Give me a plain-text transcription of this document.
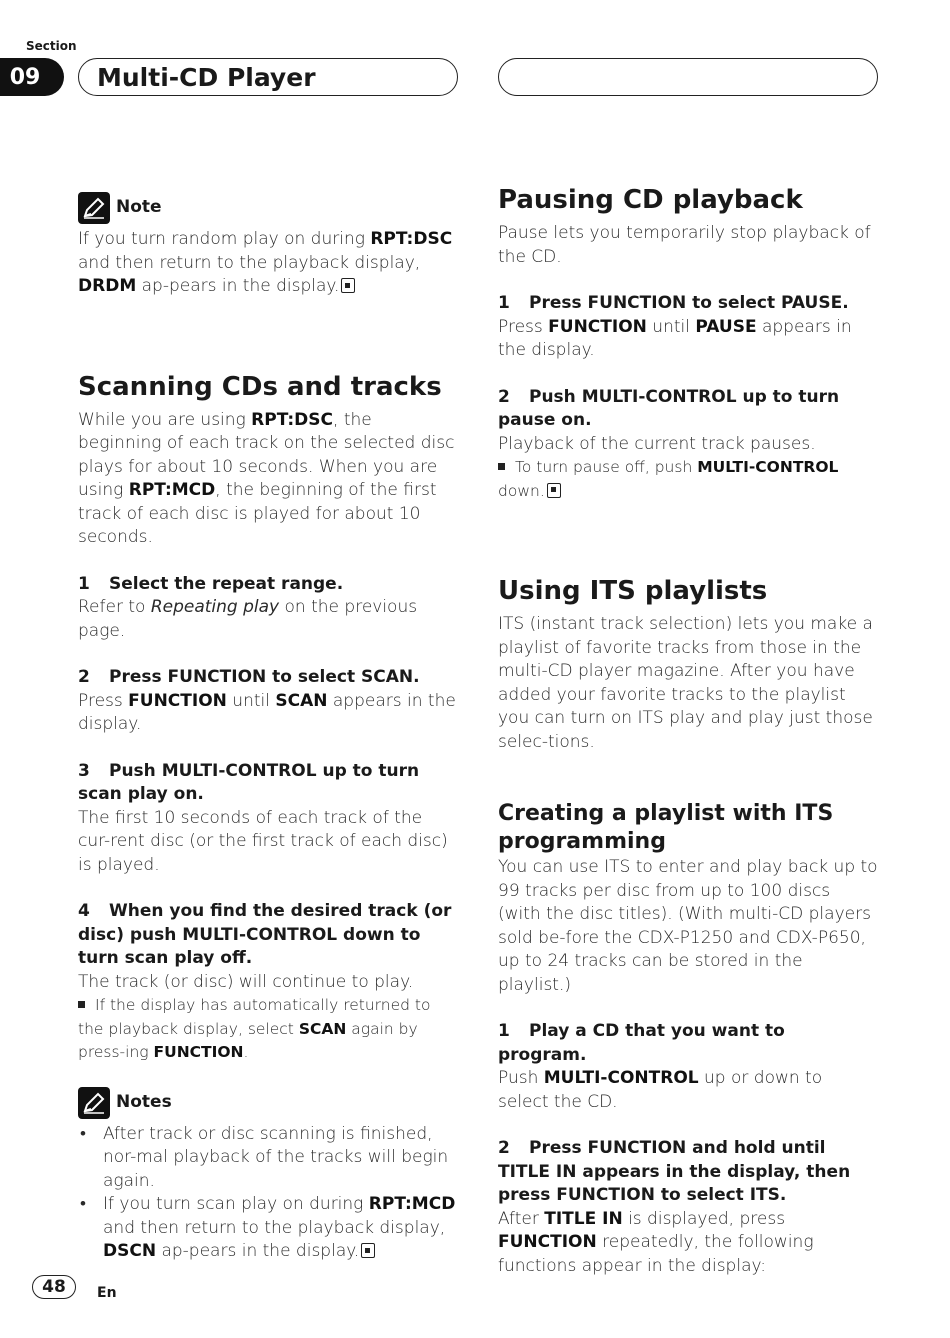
Section
09	Multi-CD Player
Note

If you turn random play on during RPT:DSC and then return to the playback display, DRDM ap-pears in the display.

Scanning CDs and tracks

While you are using RPT:DSC, the beginning of each track on the selected disc plays for about 10 seconds. When you are using RPT:MCD, the beginning of the first track of each disc is played for about 10 seconds.

1 Select the repeat range.

Refer to Repeating play on the previous page.

2 Press FUNCTION to select SCAN.

Press FUNCTION until SCAN appears in the display.

3 Push MULTI-CONTROL up to turn scan play on.

The first 10 seconds of each track of the cur-rent disc (or the first track of each disc) is played.

4 When you find the desired track (or disc) push MULTI-CONTROL down to turn scan play off.

The track (or disc) will continue to play.

If the display has automatically returned to the playback display, select SCAN again by press-ing FUNCTION.

Notes
• After track or disc scanning is finished, nor-mal playback of the tracks will begin again.
• If you turn scan play on during RPT:MCD and then return to the playback display, DSCN ap-pears in the display.
Pausing CD playback

Pause lets you temporarily stop playback of the CD.

1 Press FUNCTION to select PAUSE.

Press FUNCTION until PAUSE appears in the display.

2 Push MULTI-CONTROL up to turn pause on.

Playback of the current track pauses.

To turn pause off, push MULTI-CONTROL down.

Using ITS playlists

ITS (instant track selection) lets you make a playlist of favorite tracks from those in the multi-CD player magazine. After you have added your favorite tracks to the playlist you can turn on ITS play and play just those selec-tions.

Creating a playlist with ITS programming

You can use ITS to enter and play back up to 99 tracks per disc from up to 100 discs (with the disc titles). (With multi-CD players sold be-fore the CDX-P1250 and CDX-P650, up to 24 tracks can be stored in the playlist.)

1 Play a CD that you want to program.

Push MULTI-CONTROL up or down to select the CD.

2 Press FUNCTION and hold until TITLE IN appears in the display, then press FUNCTION to select ITS.

After TITLE IN is displayed, press FUNCTION repeatedly, the following functions appear in the display:

48	En
